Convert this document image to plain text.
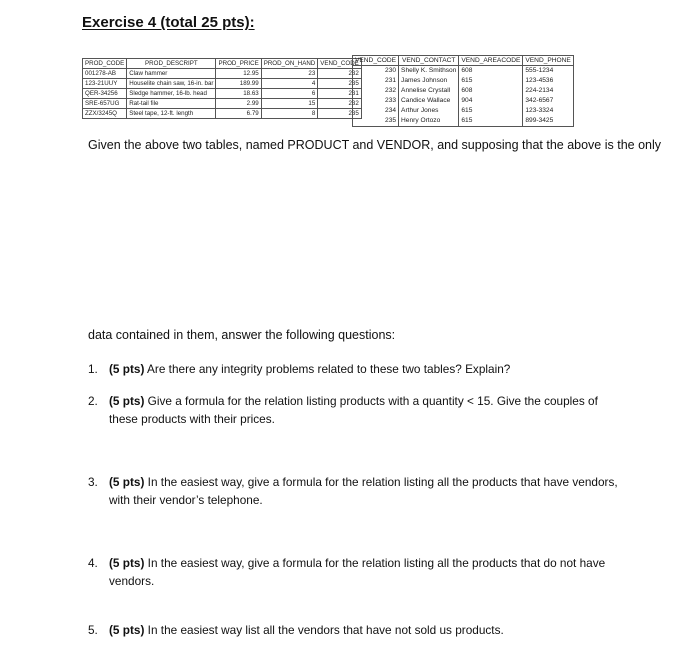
Exercise 4 (total 25 pts):
PROD_CODE	PROD_DESCRIPT	PROD_PRICE	PROD_ON_HAND	VEND_CODE
001278-AB	Claw hammer	12.95	23	232
123-21UUY	Houselite chain saw, 16-in. bar	189.99	4	235
QER-34256	Sledge hammer, 16-lb. head	18.63	6	231
SRE-657UG	Rat-tail file	2.99	15	232
ZZX/3245Q	Steel tape, 12-ft. length	6.79	8	235
VEND_CODE	VEND_CONTACT	VEND_AREACODE	VEND_PHONE
230	Shelly K. Smithson	608	555-1234
231	James Johnson	615	123-4536
232	Annelise Crystall	608	224-2134
233	Candice Wallace	904	342-6567
234	Arthur Jones	615	123-3324
235	Henry Ortozo	615	899-3425
Given the above two tables, named PRODUCT and VENDOR, and supposing that the above is the only
data contained in them, answer the following questions:
1. (5 pts) Are there any integrity problems related to these two tables? Explain?
2. (5 pts) Give a formula for the relation listing products with a quantity < 15. Give the couples of
these products with their prices.
3. (5 pts) In the easiest way, give a formula for the relation listing all the products that have vendors,
with their vendor’s telephone.
4. (5 pts) In the easiest way, give a formula for the relation listing all the products that do not have
vendors.
5. (5 pts) In the easiest way list all the vendors that have not sold us products.
